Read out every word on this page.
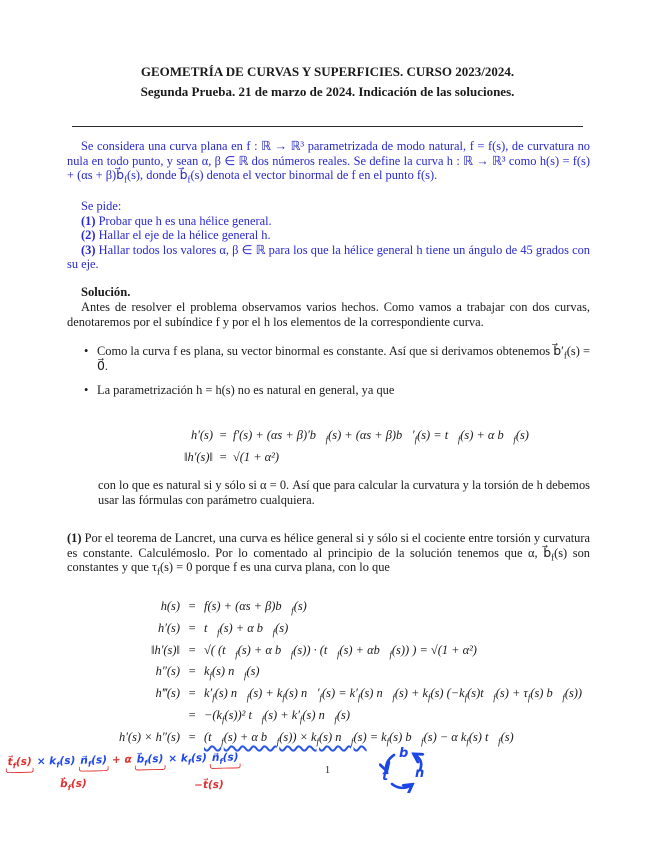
GEOMETRÍA DE CURVAS Y SUPERFICIES. CURSO 2023/2024.
Segunda Prueba. 21 de marzo de 2024. Indicación de las soluciones.
Se considera una curva plana en f : ℝ → ℝ³ parametrizada de modo natural, f = f(s), de curvatura no nula en todo punto, y sean α, β ∈ ℝ dos números reales. Se define la curva h : ℝ → ℝ³ como $h(s) = f(s) + (\alpha s + \beta)b⃗_f(s)$, donde $b⃗_f(s)$ denota el vector binormal de f en el punto f(s).

Se pide:

(1) Probar que h es una hélice general.

(2) Hallar el eje de la hélice general h.

(3) Hallar todos los valores α, β ∈ ℝ para los que la hélice general h tiene un ángulo de 45 grados con su eje.

Solución.
Antes de resolver el problema observamos varios hechos. Como vamos a trabajar con dos curvas, denotaremos por el subíndice f y por el h los elementos de la correspondiente curva.
• Como la curva f es plana, su vector binormal es constante. Así que si derivamos obtenemos $b⃗'_f(s)$ = 0⃗.
• La parametrización h = h(s) no es natural en general, ya que
$h'(s) = f'(s) + (\alpha s + \beta)'b⃗_f(s) + (\alpha s$ + $\beta)b⃗'_f(s)$ = $t⃗_f(s) + \alpha$ $b⃗_f(s)$
‖h′(s)‖ = √(1 + α²)
con lo que es natural si y sólo si α = 0. Así que para calcular la curvatura y la torsión de h debemos usar las fórmulas con parámetro cualquiera.
(1) Por el teorema de Lancret, una curva es hélice general si y sólo si el cociente entre torsión y curvatura es constante. Calculémoslo. Por lo comentado al principio de la solución tenemos que α, $b⃗_f(s)$ son constantes y que $\tau_f(s) = 0$ porque f es una curva plana, con lo que
$h(s) = f(s) + (\alpha s + \beta)b⃗_f(s)$
$h'(s) = t⃗_f(s) + \alpha$ $b⃗_f(s)$
‖h′(s)‖ = √( ($t⃗_f(s) + \alpha$ $b⃗_f(s)$) · ($t⃗_f(s)$ + $\alpha b⃗_f(s)$) ) = √(1 + α²)
$h''(s) = k_f(s)$ $n⃗_f(s)$
h‴(s) = $k'_f(s)$ $n⃗_f(s) + k_f(s)$ $n⃗'_f(s) = k'_f(s)$ $n⃗_f(s) + k_f(s)$ ($-k_f(s)t⃗_f(s) + \tau_f(s)$ $b⃗_f(s)$)
= $-(k_f(s))^2$ $t⃗_f(s) + k'_f(s)$ $n⃗_f(s)$
$h'(s) \times h''(s) = (t⃗_f(s) + \alpha$ $b⃗_f(s)) \times k_f(s)$ $n⃗_f(s) = k_f(s)$ $b⃗_f(s) - \alpha$ $k_f(s)$ $t⃗_f(s)$
$t⃗_f(s) \times k_f(s)$ $n⃗_f(s) + \alpha$ $b⃗_f(s) \times k_f(s)$ $n⃗_f(s)$
$b⃗_f(s)$	−t⃗(s)
1
b
n
t
